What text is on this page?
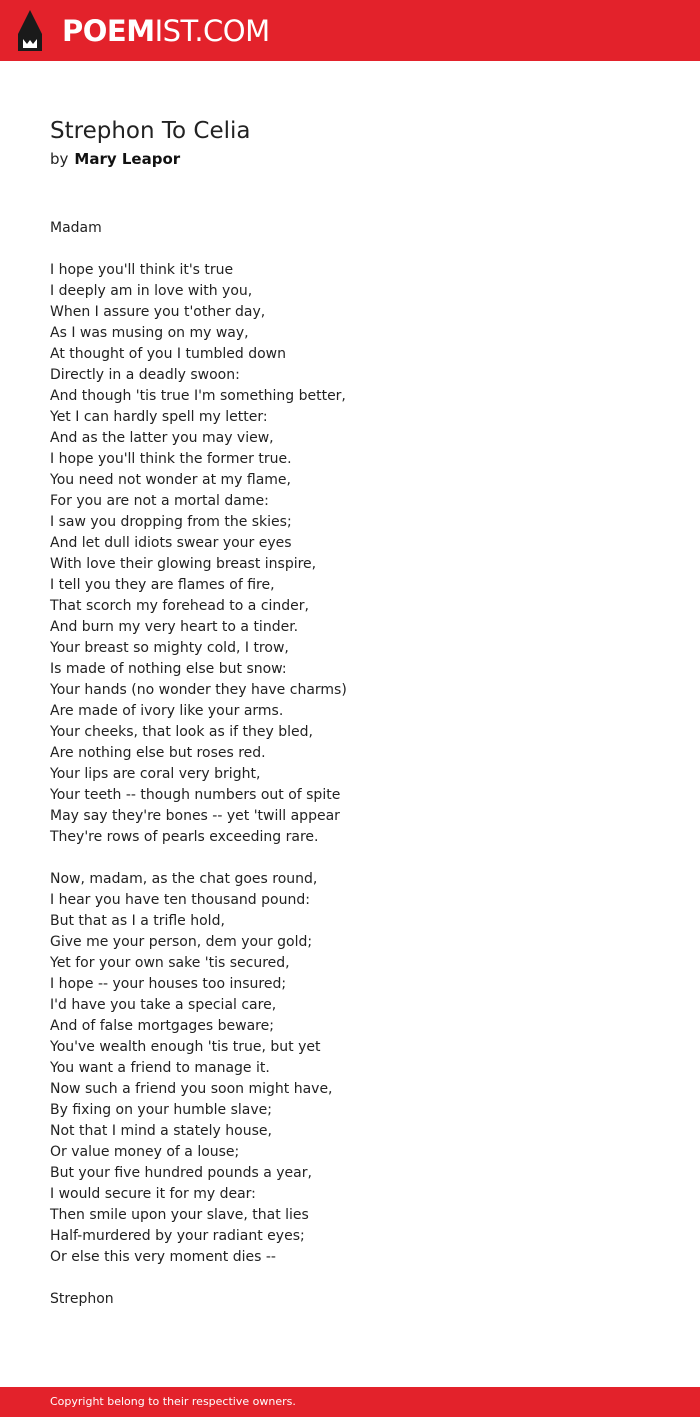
POEMIST.COM
Strephon To Celia
by Mary Leapor
Madam
I hope you'll think it's true
I deeply am in love with you,
When I assure you t'other day,
As I was musing on my way,
At thought of you I tumbled down
Directly in a deadly swoon:
And though 'tis true I'm something better,
Yet I can hardly spell my letter:
And as the latter you may view,
I hope you'll think the former true.
You need not wonder at my flame,
For you are not a mortal dame:
I saw you dropping from the skies;
And let dull idiots swear your eyes
With love their glowing breast inspire,
I tell you they are flames of fire,
That scorch my forehead to a cinder,
And burn my very heart to a tinder.
Your breast so mighty cold, I trow,
Is made of nothing else but snow:
Your hands (no wonder they have charms)
Are made of ivory like your arms.
Your cheeks, that look as if they bled,
Are nothing else but roses red.
Your lips are coral very bright,
Your teeth -- though numbers out of spite
May say they're bones -- yet 'twill appear
They're rows of pearls exceeding rare.
Now, madam, as the chat goes round,
I hear you have ten thousand pound:
But that as I a trifle hold,
Give me your person, dem your gold;
Yet for your own sake 'tis secured,
I hope -- your houses too insured;
I'd have you take a special care,
And of false mortgages beware;
You've wealth enough 'tis true, but yet
You want a friend to manage it.
Now such a friend you soon might have,
By fixing on your humble slave;
Not that I mind a stately house,
Or value money of a louse;
But your five hundred pounds a year,
I would secure it for my dear:
Then smile upon your slave, that lies
Half-murdered by your radiant eyes;
Or else this very moment dies --
Strephon
Copyright belong to their respective owners.
